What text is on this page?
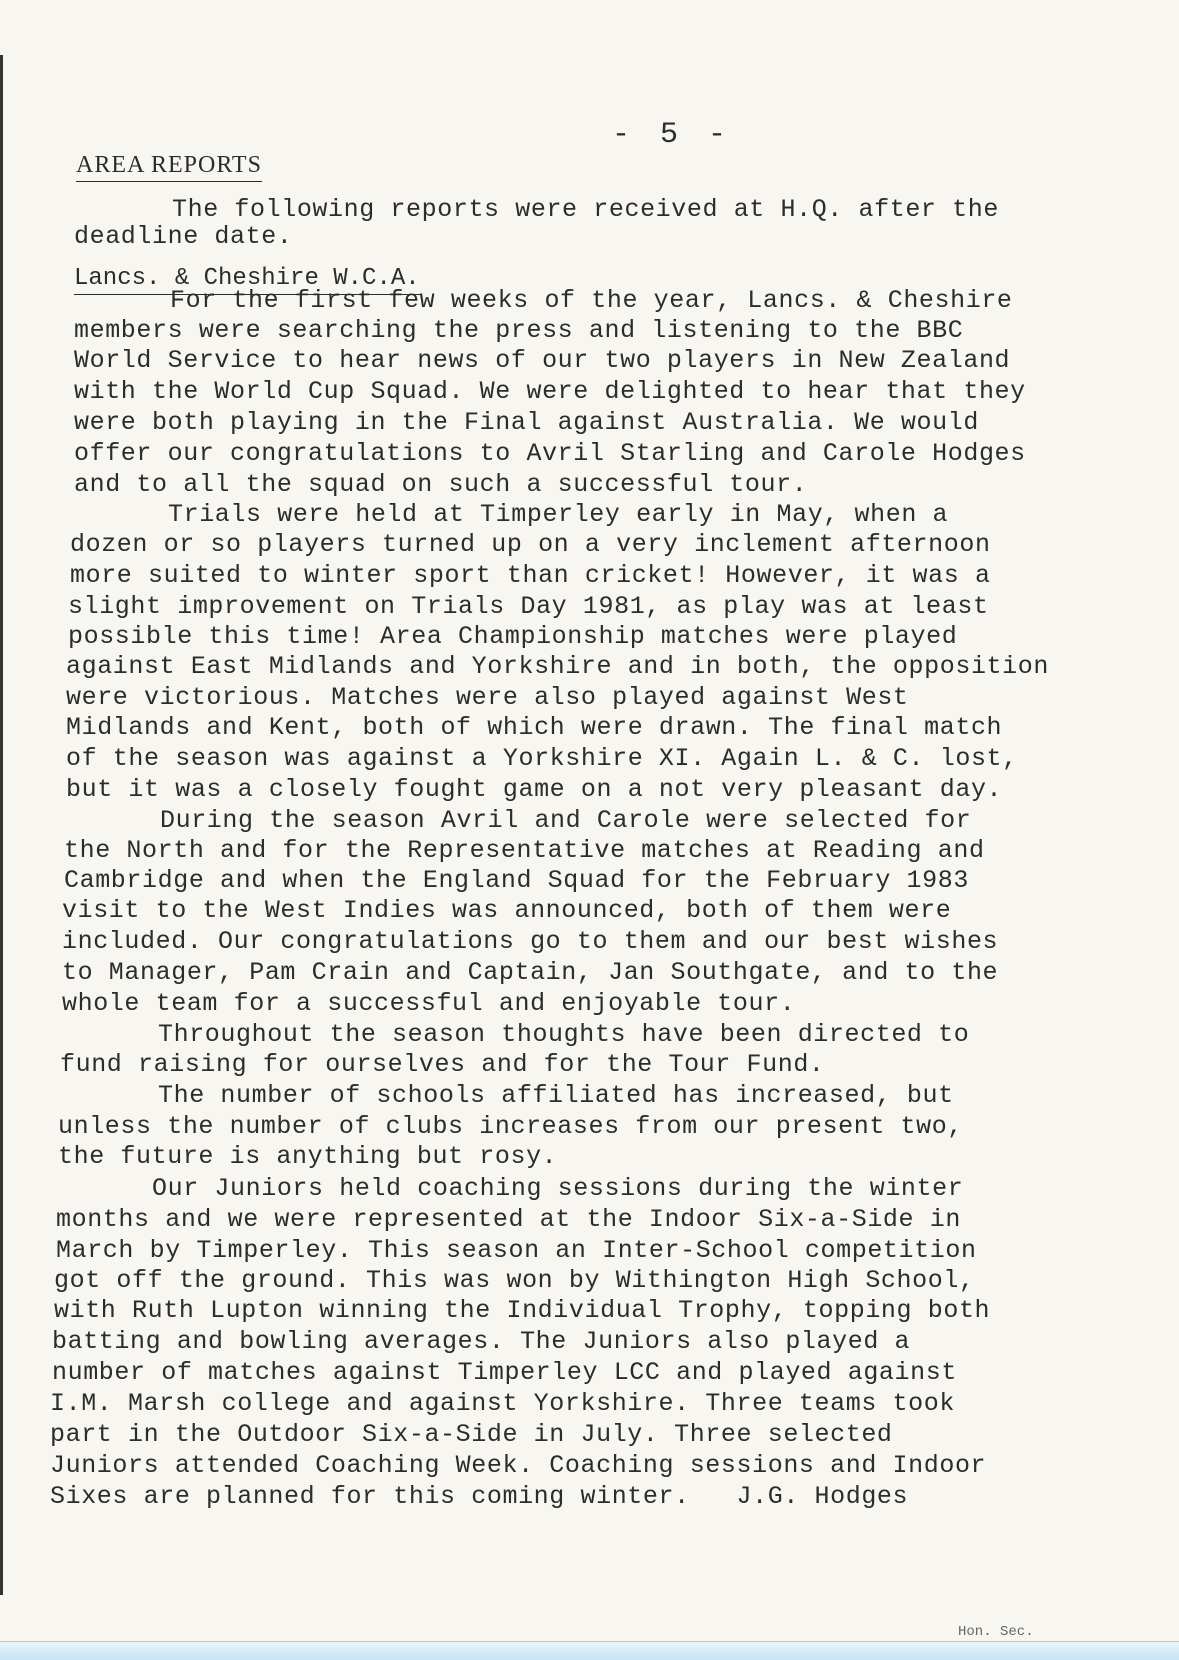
- 5 -
AREA REPORTS
The following reports were received at H.Q. after the
deadline date.
Lancs. & Cheshire W.C.A.
For the first few weeks of the year, Lancs. & Cheshire
members were searching the press and listening to the BBC
World Service to hear news of our two players in New Zealand
with the World Cup Squad. We were delighted to hear that they
were both playing in the Final against Australia. We would
offer our congratulations to Avril Starling and Carole Hodges
and to all the squad on such a successful tour.
Trials were held at Timperley early in May, when a
dozen or so players turned up on a very inclement afternoon
more suited to winter sport than cricket! However, it was a
slight improvement on Trials Day 1981, as play was at least
possible this time! Area Championship matches were played
against East Midlands and Yorkshire and in both, the opposition
were victorious. Matches were also played against West
Midlands and Kent, both of which were drawn. The final match
of the season was against a Yorkshire XI. Again L. & C. lost,
but it was a closely fought game on a not very pleasant day.
During the season Avril and Carole were selected for
the North and for the Representative matches at Reading and
Cambridge and when the England Squad for the February 1983
visit to the West Indies was announced, both of them were
included. Our congratulations go to them and our best wishes
to Manager, Pam Crain and Captain, Jan Southgate, and to the
whole team for a successful and enjoyable tour.
Throughout the season thoughts have been directed to
fund raising for ourselves and for the Tour Fund.
The number of schools affiliated has increased, but
unless the number of clubs increases from our present two,
the future is anything but rosy.
Our Juniors held coaching sessions during the winter
months and we were represented at the Indoor Six-a-Side in
March by Timperley. This season an Inter-School competition
got off the ground. This was won by Withington High School,
with Ruth Lupton winning the Individual Trophy, topping both
batting and bowling averages. The Juniors also played a
number of matches against Timperley LCC and played against
I.M. Marsh college and against Yorkshire. Three teams took
part in the Outdoor Six-a-Side in July. Three selected
Juniors attended Coaching Week. Coaching sessions and Indoor
Sixes are planned for this coming winter.   J.G. Hodges
Hon. Sec.
